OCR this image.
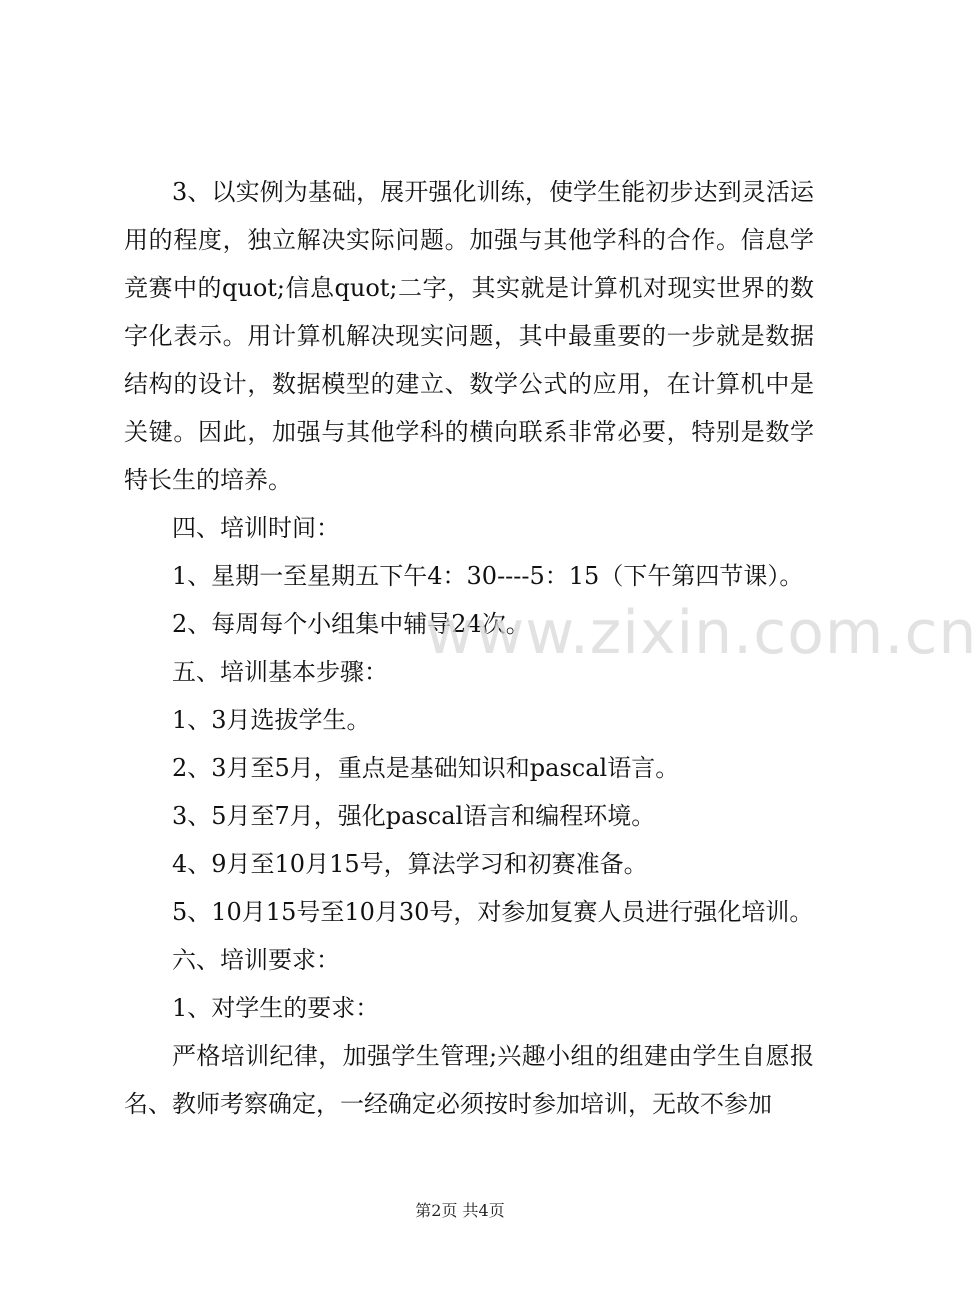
3、以实例为基础，展开强化训练，使学生能初步达到灵活运用的程度，独立解决实际问题。加强与其他学科的合作。信息学竞赛中的quot;信息quot;二字，其实就是计算机对现实世界的数字化表示。用计算机解决现实问题，其中最重要的一步就是数据结构的设计，数据模型的建立、数学公式的应用，在计算机中是关键。因此，加强与其他学科的横向联系非常必要，特别是数学特长生的培养。

四、培训时间：

1、星期一至星期五下午4：30----5：15（下午第四节课）。

2、每周每个小组集中辅导24次。

五、培训基本步骤：

1、3月选拔学生。

2、3月至5月，重点是基础知识和pascal语言。

3、5月至7月，强化pascal语言和编程环境。

4、9月至10月15号，算法学习和初赛准备。

5、10月15号至10月30号，对参加复赛人员进行强化培训。

六、培训要求：

1、对学生的要求：

严格培训纪律，加强学生管理;兴趣小组的组建由学生自愿报名、教师考察确定，一经确定必须按时参加培训，无故不参加

www.zixin.com.cn
第2页 共4页
